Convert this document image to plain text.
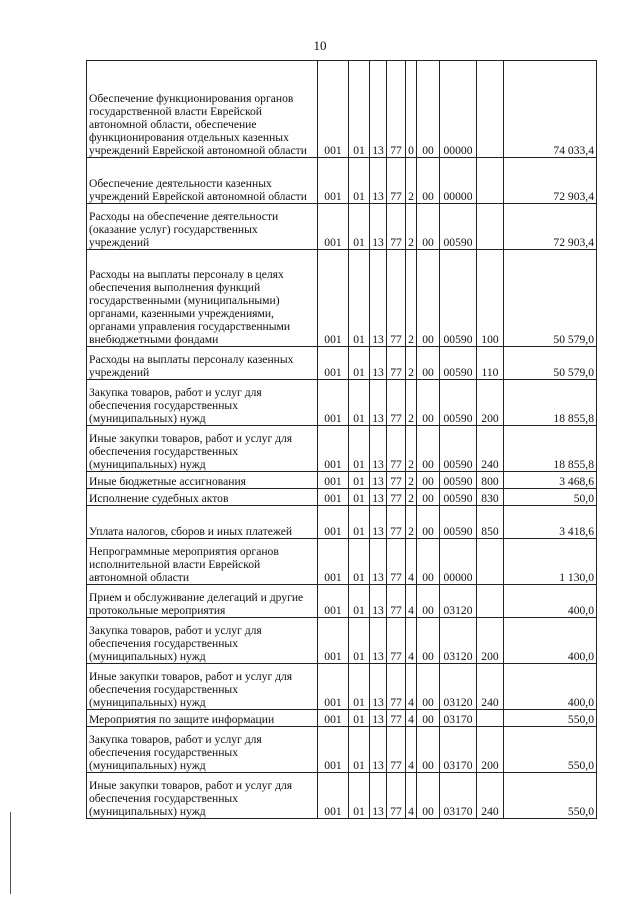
10
Обеспечение функционирования органов государственной власти Еврейской автономной области, обеспечение функционирования отдельных казенных учреждений Еврейской автономной области	001	01	13	77	0	00	00000		74 033,4
Обеспечение деятельности казенных учреждений Еврейской автономной области	001	01	13	77	2	00	00000		72 903,4
Расходы на обеспечение деятельности (оказание услуг) государственных учреждений	001	01	13	77	2	00	00590		72 903,4
Расходы на выплаты персоналу в целях обеспечения выполнения функций государственными (муниципальными) органами, казенными учреждениями, органами управления государственными внебюджетными фондами	001	01	13	77	2	00	00590	100	50 579,0
Расходы на выплаты персоналу казенных учреждений	001	01	13	77	2	00	00590	110	50 579,0
Закупка товаров, работ и услуг для обеспечения государственных (муниципальных) нужд	001	01	13	77	2	00	00590	200	18 855,8
Иные закупки товаров, работ и услуг для обеспечения государственных (муниципальных) нужд	001	01	13	77	2	00	00590	240	18 855,8
Иные бюджетные ассигнования	001	01	13	77	2	00	00590	800	3 468,6
Исполнение судебных актов	001	01	13	77	2	00	00590	830	50,0
Уплата налогов, сборов и иных платежей	001	01	13	77	2	00	00590	850	3 418,6
Непрограммные мероприятия органов исполнительной власти Еврейской автономной области	001	01	13	77	4	00	00000		1 130,0
Прием и обслуживание делегаций и другие протокольные мероприятия	001	01	13	77	4	00	03120		400,0
Закупка товаров, работ и услуг для обеспечения государственных (муниципальных) нужд	001	01	13	77	4	00	03120	200	400,0
Иные закупки товаров, работ и услуг для обеспечения государственных (муниципальных) нужд	001	01	13	77	4	00	03120	240	400,0
Мероприятия по защите информации	001	01	13	77	4	00	03170		550,0
Закупка товаров, работ и услуг для обеспечения государственных (муниципальных) нужд	001	01	13	77	4	00	03170	200	550,0
Иные закупки товаров, работ и услуг для обеспечения государственных (муниципальных) нужд	001	01	13	77	4	00	03170	240	550,0
